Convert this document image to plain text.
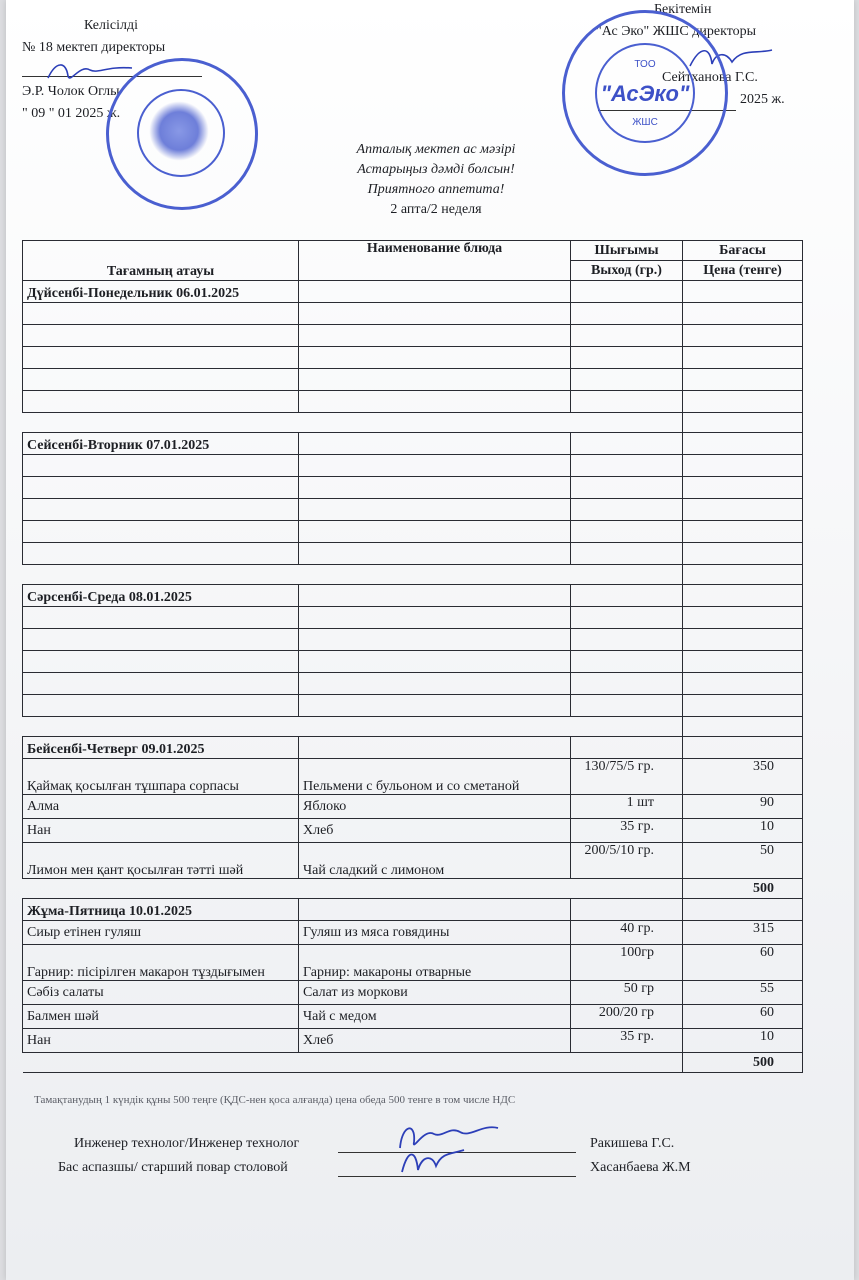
Келісілді
№ 18 мектеп директоры
Э.Р. Чолок Оглы
" 09 " 01 2025 ж.
Бекітемін
"Ас Эко" ЖШС директоры
Сейтханова Г.С.
2025 ж.
ТОО
"АсЭко"
ЖШС
Апталық мектеп ас мәзірі
Астарыңыз дәмді болсын!
Приятного аппетита!
2 апта/2 неделя
Тағамның атауы	Наименование блюда	Шығымы	Бағасы
		Выход (гр.)	Цена (тенге)
Дүйсенбі-Понедельник 06.01.2025			

Сейсенбі-Вторник 07.01.2025			

Сәрсенбі-Среда 08.01.2025			

Бейсенбі-Четверг 09.01.2025			
Қаймақ қосылған тұшпара сорпасы	Пельмени с бульоном и со сметаной	130/75/5 гр.	350
Алма	Яблоко	1 шт	90
Нан	Хлеб	35 гр.	10
Лимон мен қант қосылған тәтті шәй	Чай сладкий с лимоном	200/5/10 гр.	50
			500
Жұма-Пятница 10.01.2025			
Сиыр етінен гуляш	Гуляш из мяса говядины	40 гр.	315
Гарнир: пісірілген макарон тұздығымен	Гарнир: макароны отварные	100гр	60
Сәбіз салаты	Салат из моркови	50 гр	55
Балмен шәй	Чай с медом	200/20 гр	60
Нан	Хлеб	35 гр.	10
			500
Тамақтанудың 1 күндік құны 500 теңге (ҚДС-нен қоса алғанда) цена обеда 500 тенге в том числе НДС
Инженер технолог/Инженер технолог	Ракишева Г.С.
Бас аспазшы/ старший повар столовой	Хасанбаева Ж.М
